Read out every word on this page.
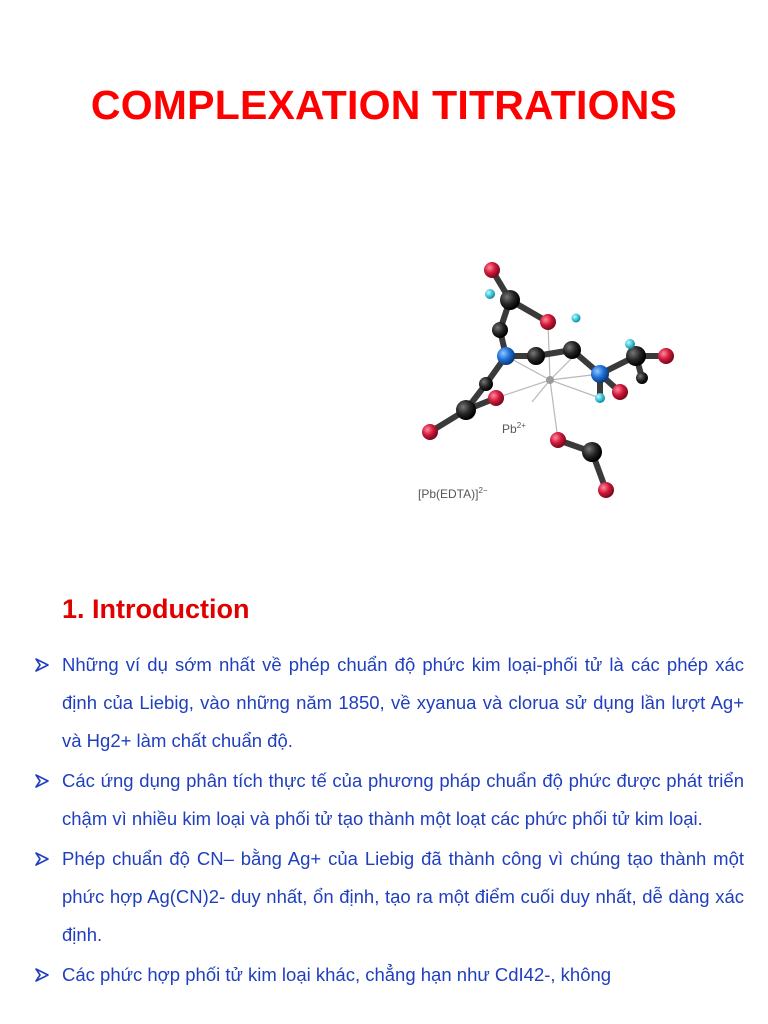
COMPLEXATION TITRATIONS
$Pb^{2+}$
[Pb(EDTA)]$^{2-}$
1. Introduction
Những ví dụ sớm nhất về phép chuẩn độ phức kim loại-phối tử là các phép xác định của Liebig, vào những năm 1850, về xyanua và clorua sử dụng lần lượt Ag+ và Hg2+ làm chất chuẩn độ.
Các ứng dụng phân tích thực tế của phương pháp chuẩn độ phức được phát triển chậm vì nhiều kim loại và phối tử tạo thành một loạt các phức phối tử kim loại.
Phép chuẩn độ CN– bằng Ag+ của Liebig đã thành công vì chúng tạo thành một phức hợp Ag(CN)2- duy nhất, ổn định, tạo ra một điểm cuối duy nhất, dễ dàng xác định.
Các phức hợp phối tử kim loại khác, chẳng hạn như CdI42-, không
